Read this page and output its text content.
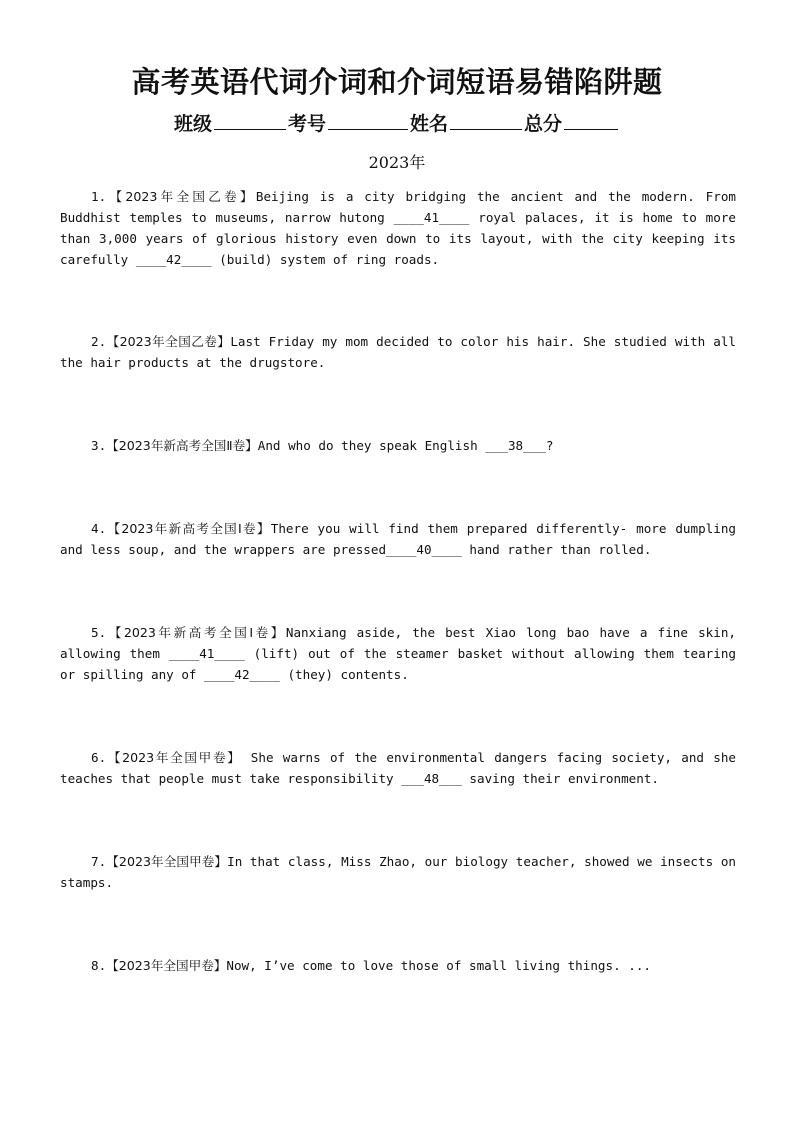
高考英语代词介词和介词短语易错陷阱题
班级	考号	姓名	总分
2023年

1.【2023年全国乙卷】Beijing is a city bridging the ancient and the modern. From Buddhist temples to museums, narrow hutong ____41____ royal palaces, it is home to more than 3,000 years of glorious history even down to its layout, with the city keeping its carefully ____42____ (build) system of ring roads.

2.【2023年全国乙卷】Last Friday my mom decided to color his hair. She studied with all the hair products at the drugstore.

3.【2023年新高考全国Ⅱ卷】And who do they speak English ___38___?

4.【2023年新高考全国Ⅰ卷】There you will find them prepared differently- more dumpling and less soup, and the wrappers are pressed____40____ hand rather than rolled.

5.【2023年新高考全国Ⅰ卷】Nanxiang aside, the best Xiao long bao have a fine skin, allowing them ____41____ (lift) out of the steamer basket without allowing them tearing or spilling any of ____42____ (they) contents.

6.【2023年全国甲卷】 She warns of the environmental dangers facing society, and she teaches that people must take responsibility ___48___ saving their environment.

7.【2023年全国甲卷】In that class, Miss Zhao, our biology teacher, showed we insects on stamps.

8.【2023年全国甲卷】Now, I’ve come to love those of small living things. ...
